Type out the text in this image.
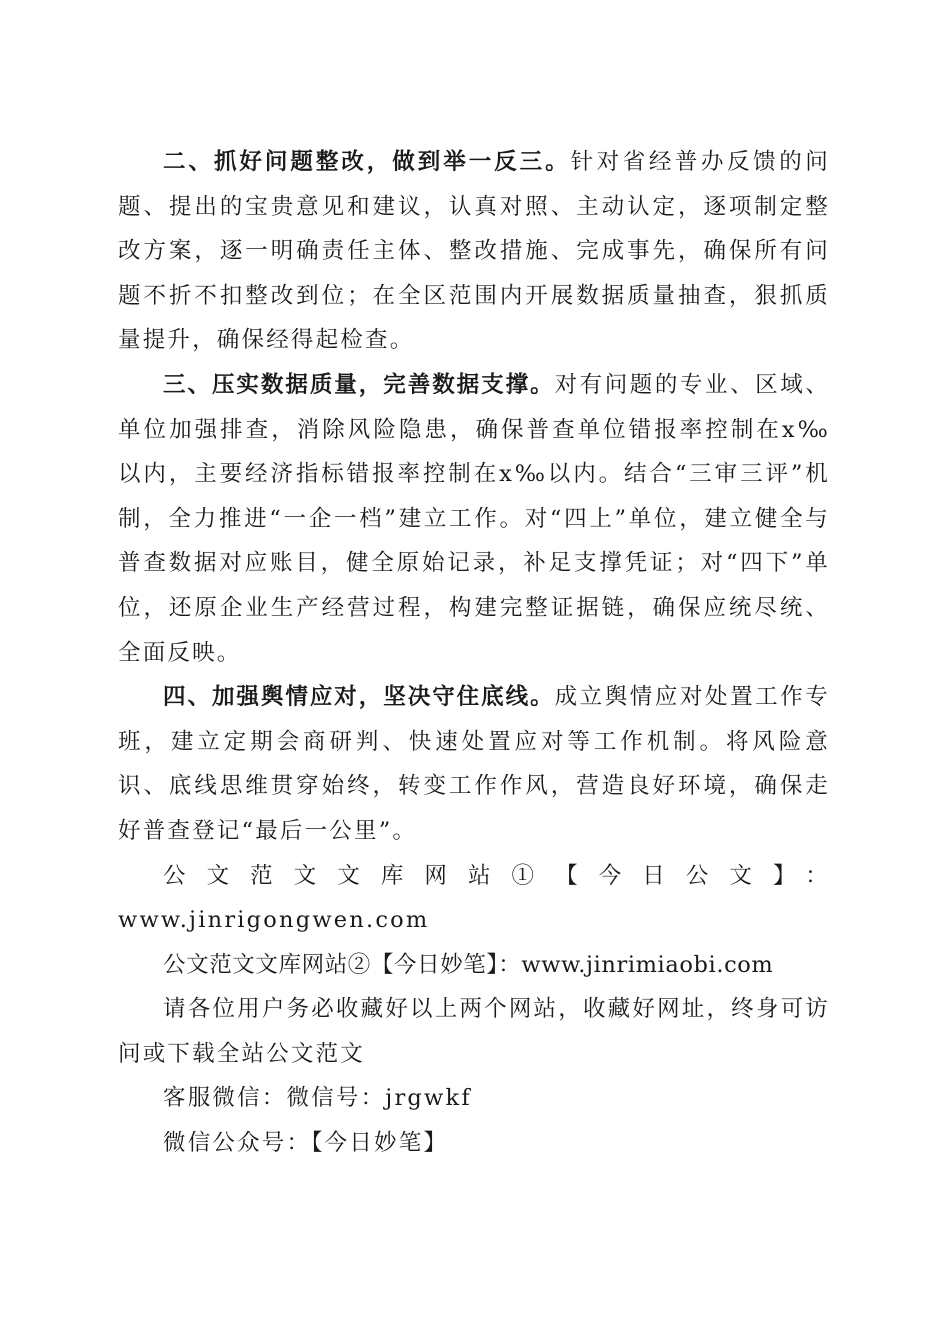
二、抓好问题整改，做到举一反三。针对省经普办反馈的问题、提出的宝贵意见和建议，认真对照、主动认定，逐项制定整改方案，逐一明确责任主体、整改措施、完成事先，确保所有问题不折不扣整改到位；在全区范围内开展数据质量抽查，狠抓质量提升，确保经得起检查。

三、压实数据质量，完善数据支撑。对有问题的专业、区域、单位加强排查，消除风险隐患，确保普查单位错报率控制在x‰以内，主要经济指标错报率控制在x‰以内。结合“三审三评”机制，全力推进“一企一档”建立工作。对“四上”单位，建立健全与普查数据对应账目，健全原始记录，补足支撑凭证；对“四下”单位，还原企业生产经营过程，构建完整证据链，确保应统尽统、全面反映。

四、加强舆情应对，坚决守住底线。成立舆情应对处置工作专班，建立定期会商研判、快速处置应对等工作机制。将风险意识、底线思维贯穿始终，转变工作作风，营造良好环境，确保走好普查登记“最后一公里”。

公文范文文库网站①【今日公文】：

www.jinrigongwen.com

公文范文文库网站②【今日妙笔】：www.jinrimiaobi.com

请各位用户务必收藏好以上两个网站，收藏好网址，终身可访问或下载全站公文范文

客服微信：微信号：jrgwkf

微信公众号：【今日妙笔】
